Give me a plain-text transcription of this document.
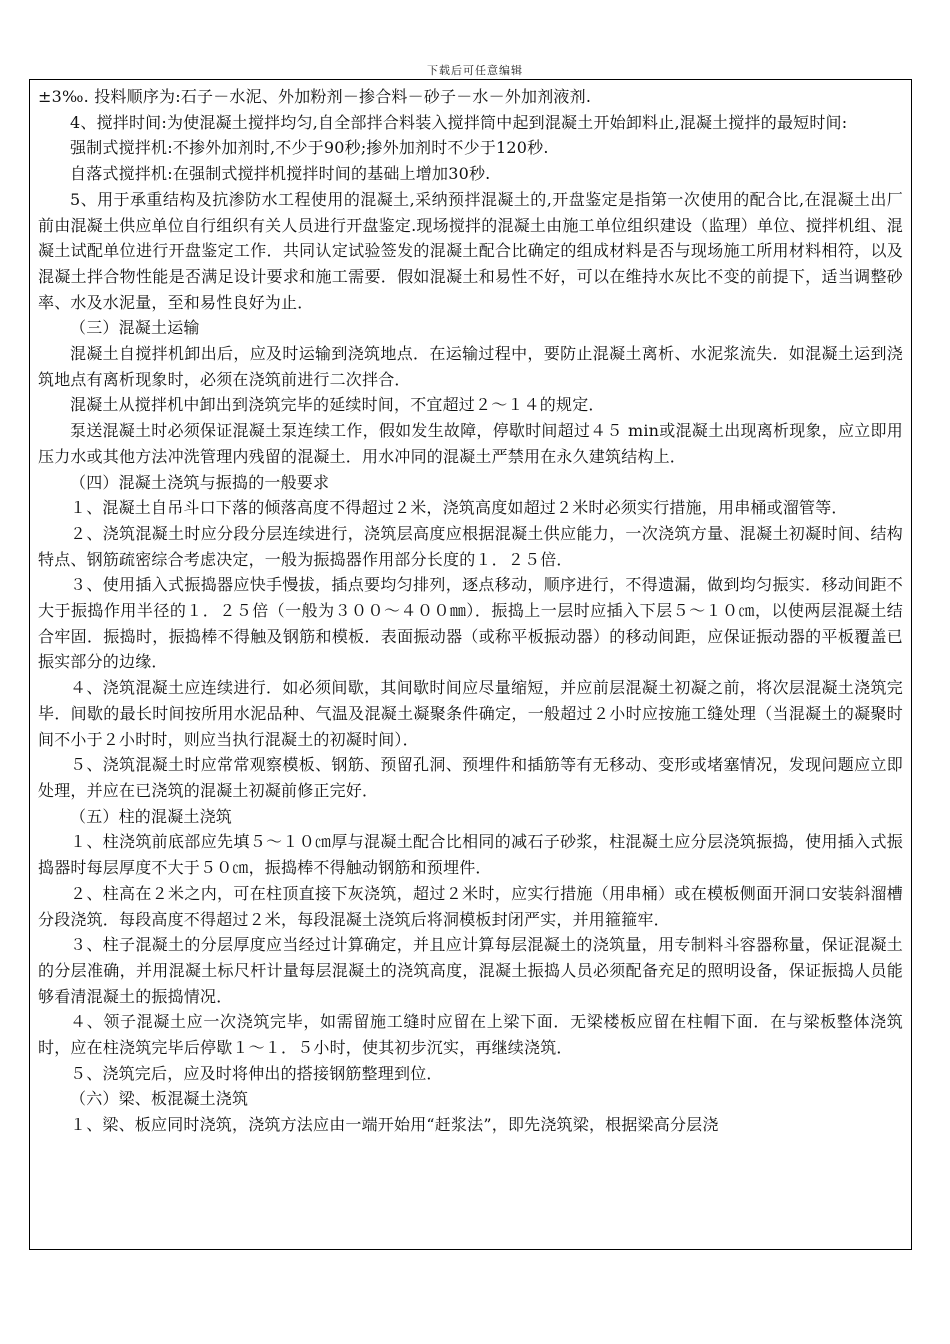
下载后可任意编辑

±3‰. 投料顺序为:石子－水泥、外加粉剂－掺合料－砂子－水－外加剂液剂.

4、搅拌时间:为使混凝土搅拌均匀,自全部拌合料装入搅拌筒中起到混凝土开始卸料止,混凝土搅拌的最短时间:

强制式搅拌机:不掺外加剂时,不少于90秒;掺外加剂时不少于120秒.

自落式搅拌机:在强制式搅拌机搅拌时间的基础上增加30秒.

5、用于承重结构及抗渗防水工程使用的混凝土,采纳预拌混凝土的,开盘鉴定是指第一次使用的配合比,在混凝土出厂前由混凝土供应单位自行组织有关人员进行开盘鉴定.现场搅拌的混凝土由施工单位组织建设（监理）单位、搅拌机组、混凝土试配单位进行开盘鉴定工作．共同认定试验签发的混凝土配合比确定的组成材料是否与现场施工所用材料相符，以及混凝土拌合物性能是否满足设计要求和施工需要．假如混凝土和易性不好，可以在维持水灰比不变的前提下，适当调整砂率、水及水泥量，至和易性良好为止．

（三）混凝土运输

混凝土自搅拌机卸出后，应及时运输到浇筑地点．在运输过程中，要防止混凝土离析、水泥浆流失．如混凝土运到浇筑地点有离析现象时，必须在浇筑前进行二次拌合．

混凝土从搅拌机中卸出到浇筑完毕的延续时间，不宜超过２～１４的规定．

泵送混凝土时必须保证混凝土泵连续工作，假如发生故障，停歇时间超过４５ min或混凝土出现离析现象，应立即用压力水或其他方法冲洗管理内残留的混凝土．用水冲同的混凝土严禁用在永久建筑结构上．

（四）混凝土浇筑与振捣的一般要求

１、混凝土自吊斗口下落的倾落高度不得超过２米，浇筑高度如超过２米时必须实行措施，用串桶或溜管等．

２、浇筑混凝土时应分段分层连续进行，浇筑层高度应根据混凝土供应能力，一次浇筑方量、混凝土初凝时间、结构特点、钢筋疏密综合考虑决定，一般为振捣器作用部分长度的１．２５倍．

３、使用插入式振捣器应快手慢拔，插点要均匀排列，逐点移动，顺序进行，不得遗漏，做到均匀振实．移动间距不大于振捣作用半径的１．２５倍（一般为３００～４００㎜）．振捣上一层时应插入下层５～１０㎝，以使两层混凝土结合牢固．振捣时，振捣棒不得触及钢筋和模板．表面振动器（或称平板振动器）的移动间距，应保证振动器的平板覆盖已振实部分的边缘．

４、浇筑混凝土应连续进行．如必须间歇，其间歇时间应尽量缩短，并应前层混凝土初凝之前，将次层混凝土浇筑完毕．间歇的最长时间按所用水泥品种、气温及混凝土凝聚条件确定，一般超过２小时应按施工缝处理（当混凝土的凝聚时间不小于２小时时，则应当执行混凝土的初凝时间）．

５、浇筑混凝土时应常常观察模板、钢筋、预留孔洞、预埋件和插筋等有无移动、变形或堵塞情况，发现问题应立即处理，并应在已浇筑的混凝土初凝前修正完好．

（五）柱的混凝土浇筑

１、柱浇筑前底部应先填５～１０㎝厚与混凝土配合比相同的减石子砂浆，柱混凝土应分层浇筑振捣，使用插入式振捣器时每层厚度不大于５０㎝，振捣棒不得触动钢筋和预埋件．

２、柱高在２米之内，可在柱顶直接下灰浇筑，超过２米时，应实行措施（用串桶）或在模板侧面开洞口安装斜溜槽分段浇筑．每段高度不得超过２米，每段混凝土浇筑后将洞模板封闭严实，并用箍箍牢．

３、柱子混凝土的分层厚度应当经过计算确定，并且应计算每层混凝土的浇筑量，用专制料斗容器称量，保证混凝土的分层准确，并用混凝土标尺杆计量每层混凝土的浇筑高度，混凝土振捣人员必须配备充足的照明设备，保证振捣人员能够看清混凝土的振捣情况．

４、领子混凝土应一次浇筑完毕，如需留施工缝时应留在上梁下面．无梁楼板应留在柱帽下面．在与梁板整体浇筑时，应在柱浇筑完毕后停歇１～１．５小时，使其初步沉实，再继续浇筑．

５、浇筑完后，应及时将伸出的搭接钢筋整理到位．

（六）梁、板混凝土浇筑

１、梁、板应同时浇筑，浇筑方法应由一端开始用“赶浆法”，即先浇筑梁，根据梁高分层浇
